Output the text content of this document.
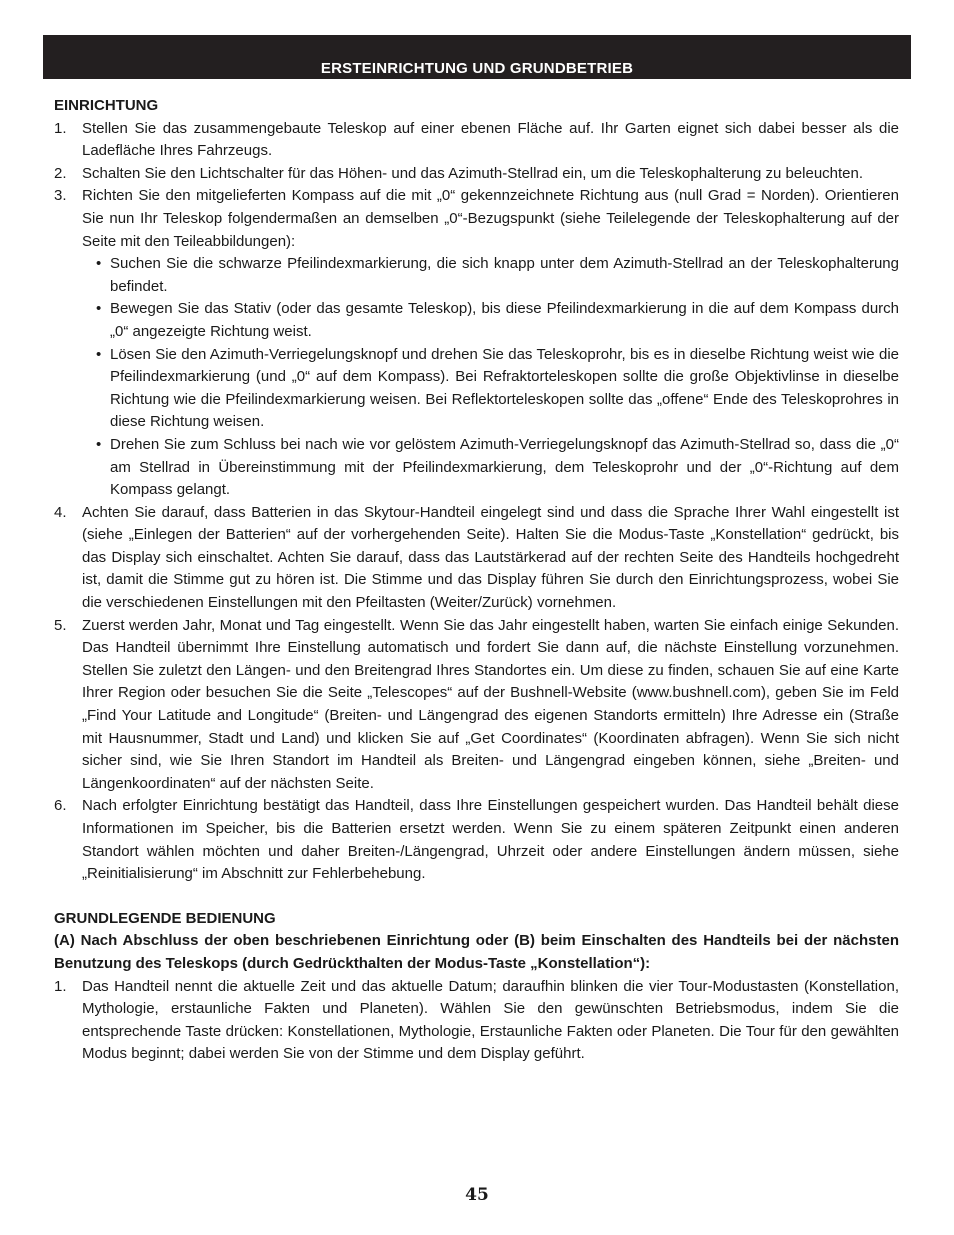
ERSTEINRICHTUNG UND GRUNDBETRIEB

EINRICHTUNG

1.	Stellen Sie das zusammengebaute Teleskop auf einer ebenen Fläche auf. Ihr Garten eignet sich dabei besser als die Ladefläche Ihres Fahrzeugs.
2.	Schalten Sie den Lichtschalter für das Höhen- und das Azimuth-Stellrad ein, um die Teleskophalterung zu beleuchten.
3.	Richten Sie den mitgelieferten Kompass auf die mit „0“ gekennzeichnete Richtung aus (null Grad = Norden). Orientieren Sie nun Ihr Teleskop folgendermaßen an demselben „0“-Bezugspunkt (siehe Teilelegende der Teleskophalterung auf der Seite mit den Teileabbildungen):
• Suchen Sie die schwarze Pfeilindexmarkierung, die sich knapp unter dem Azimuth-Stellrad an der Teleskophalterung befindet.
• Bewegen Sie das Stativ (oder das gesamte Teleskop), bis diese Pfeilindexmarkierung in die auf dem Kompass durch „0“ angezeigte Richtung weist.
• Lösen Sie den Azimuth-Verriegelungsknopf und drehen Sie das Teleskoprohr, bis es in dieselbe Richtung weist wie die Pfeilindexmarkierung (und „0“ auf dem Kompass). Bei Refraktorteleskopen sollte die große Objektivlinse in dieselbe Richtung wie die Pfeilindexmarkierung weisen. Bei Reflektorteleskopen sollte das „offene“ Ende des Teleskoprohres in diese Richtung weisen.
• Drehen Sie zum Schluss bei nach wie vor gelöstem Azimuth-Verriegelungsknopf das Azimuth-Stellrad so, dass die „0“ am Stellrad in Übereinstimmung mit der Pfeilindexmarkierung, dem Teleskoprohr und der „0“-Richtung auf dem Kompass gelangt.
4.	Achten Sie darauf, dass Batterien in das Skytour-Handteil eingelegt sind und dass die Sprache Ihrer Wahl eingestellt ist (siehe „Einlegen der Batterien“ auf der vorhergehenden Seite). Halten Sie die Modus-Taste „Konstellation“ gedrückt, bis das Display sich einschaltet. Achten Sie darauf, dass das Lautstärkerad auf der rechten Seite des Handteils hochgedreht ist, damit die Stimme gut zu hören ist. Die Stimme und das Display führen Sie durch den Einrichtungsprozess, wobei Sie die verschiedenen Einstellungen mit den Pfeiltasten (Weiter/Zurück) vornehmen.
5.	Zuerst werden Jahr, Monat und Tag eingestellt. Wenn Sie das Jahr eingestellt haben, warten Sie einfach einige Sekunden. Das Handteil übernimmt Ihre Einstellung automatisch und fordert Sie dann auf, die nächste Einstellung vorzunehmen. Stellen Sie zuletzt den Längen- und den Breitengrad Ihres Standortes ein. Um diese zu finden, schauen Sie auf eine Karte Ihrer Region oder besuchen Sie die Seite „Telescopes“ auf der Bushnell-Website (www.bushnell.com), geben Sie im Feld „Find Your Latitude and Longitude“ (Breiten- und Längengrad des eigenen Standorts ermitteln) Ihre Adresse ein (Straße mit Hausnummer, Stadt und Land) und klicken Sie auf „Get Coordinates“ (Koordinaten abfragen). Wenn Sie sich nicht sicher sind, wie Sie Ihren Standort im Handteil als Breiten- und Längengrad eingeben können, siehe „Breiten- und Längenkoordinaten“ auf der nächsten Seite.
6.	Nach erfolgter Einrichtung bestätigt das Handteil, dass Ihre Einstellungen gespeichert wurden. Das Handteil behält diese Informationen im Speicher, bis die Batterien ersetzt werden. Wenn Sie zu einem späteren Zeitpunkt einen anderen Standort wählen möchten und daher Breiten-/Längengrad, Uhrzeit oder andere Einstellungen ändern müssen, siehe „Reinitialisierung“ im Abschnitt zur Fehlerbehebung.

GRUNDLEGENDE BEDIENUNG

(A) Nach Abschluss der oben beschriebenen Einrichtung oder (B) beim Einschalten des Handteils bei der nächsten Benutzung des Teleskops (durch Gedrückthalten der Modus-Taste „Konstellation“):

1.	Das Handteil nennt die aktuelle Zeit und das aktuelle Datum; daraufhin blinken die vier Tour-Modustasten (Konstellation, Mythologie, erstaunliche Fakten und Planeten). Wählen Sie den gewünschten Betriebsmodus, indem Sie die entsprechende Taste drücken: Konstellationen, Mythologie, Erstaunliche Fakten oder Planeten. Die Tour für den gewählten Modus beginnt; dabei werden Sie von der Stimme und dem Display geführt.
45
